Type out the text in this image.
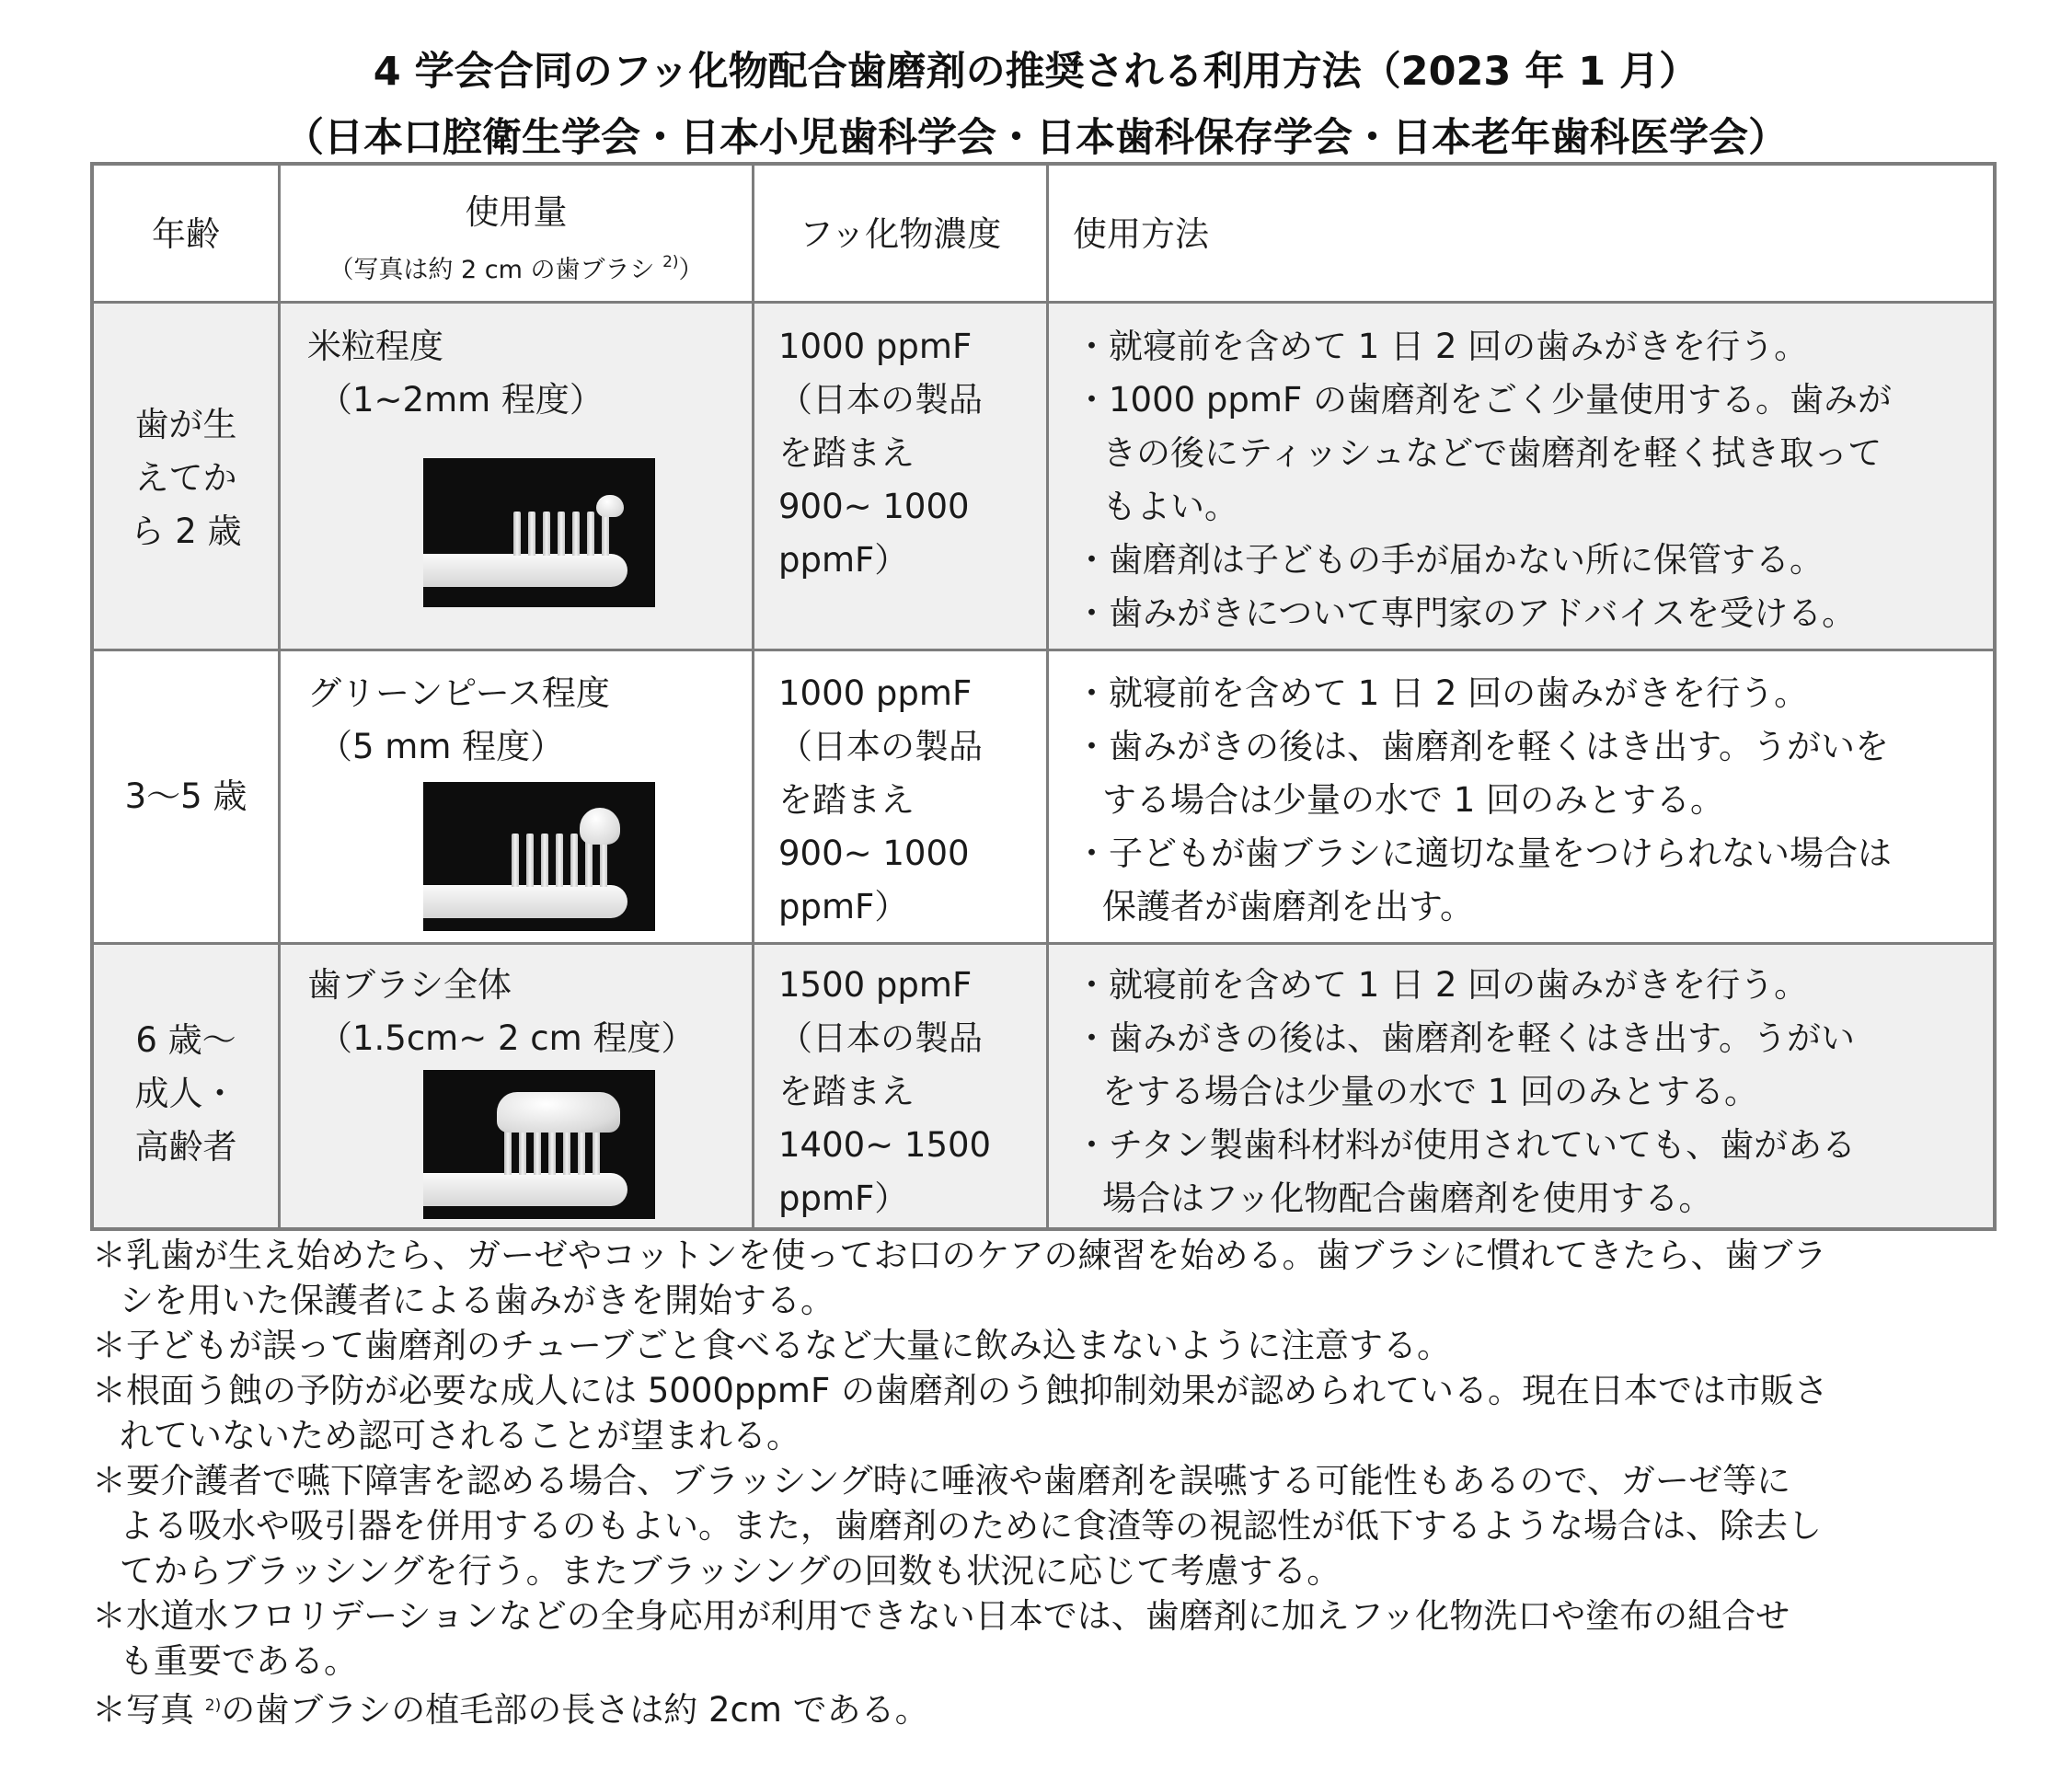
4 学会合同のフッ化物配合歯磨剤の推奨される利用方法（2023 年 1 月）
（日本口腔衛生学会・日本小児歯科学会・日本歯科保存学会・日本老年歯科医学会）
年齢
使用量
（写真は約 2 cm の歯ブラシ $^{2)}$）
フッ化物濃度	使用方法
歯が生
えてか
ら 2 歳
米粒程度
（1~2mm 程度）
1000 ppmF
（日本の製品
を踏まえ
900~ 1000
ppmF）
・就寝前を含めて 1 日 2 回の歯みがきを行う。
・1000 ppmF の歯磨剤をごく少量使用する。歯みが
きの後にティッシュなどで歯磨剤を軽く拭き取って
もよい。
・歯磨剤は子どもの手が届かない所に保管する。
・歯みがきについて専門家のアドバイスを受ける。
3～5 歳
グリーンピース程度
（5 mm 程度）
1000 ppmF
（日本の製品
を踏まえ
900~ 1000
ppmF）
・就寝前を含めて 1 日 2 回の歯みがきを行う。
・歯みがきの後は、歯磨剤を軽くはき出す。うがいを
する場合は少量の水で 1 回のみとする。
・子どもが歯ブラシに適切な量をつけられない場合は
保護者が歯磨剤を出す。
6 歳～
成人・
高齢者
歯ブラシ全体
（1.5cm~ 2 cm 程度）
1500 ppmF
（日本の製品
を踏まえ
1400~ 1500
ppmF）
・就寝前を含めて 1 日 2 回の歯みがきを行う。
・歯みがきの後は、歯磨剤を軽くはき出す。うがい
をする場合は少量の水で 1 回のみとする。
・チタン製歯科材料が使用されていても、歯がある
場合はフッ化物配合歯磨剤を使用する。
＊乳歯が生え始めたら、ガーゼやコットンを使ってお口のケアの練習を始める。歯ブラシに慣れてきたら、歯ブラ
シを用いた保護者による歯みがきを開始する。
＊子どもが誤って歯磨剤のチューブごと食べるなど大量に飲み込まないように注意する。
＊根面う蝕の予防が必要な成人には 5000ppmF の歯磨剤のう蝕抑制効果が認められている。現在日本では市販さ
れていないため認可されることが望まれる。
＊要介護者で嚥下障害を認める場合、ブラッシング時に唾液や歯磨剤を誤嚥する可能性もあるので、ガーゼ等に
よる吸水や吸引器を併用するのもよい。また，歯磨剤のために食渣等の視認性が低下するような場合は、除去し
てからブラッシングを行う。またブラッシングの回数も状況に応じて考慮する。
＊水道水フロリデーションなどの全身応用が利用できない日本では、歯磨剤に加えフッ化物洗口や塗布の組合せ
も重要である。
＊写真 $^{2)}$の歯ブラシの植毛部の長さは約 2cm である。
